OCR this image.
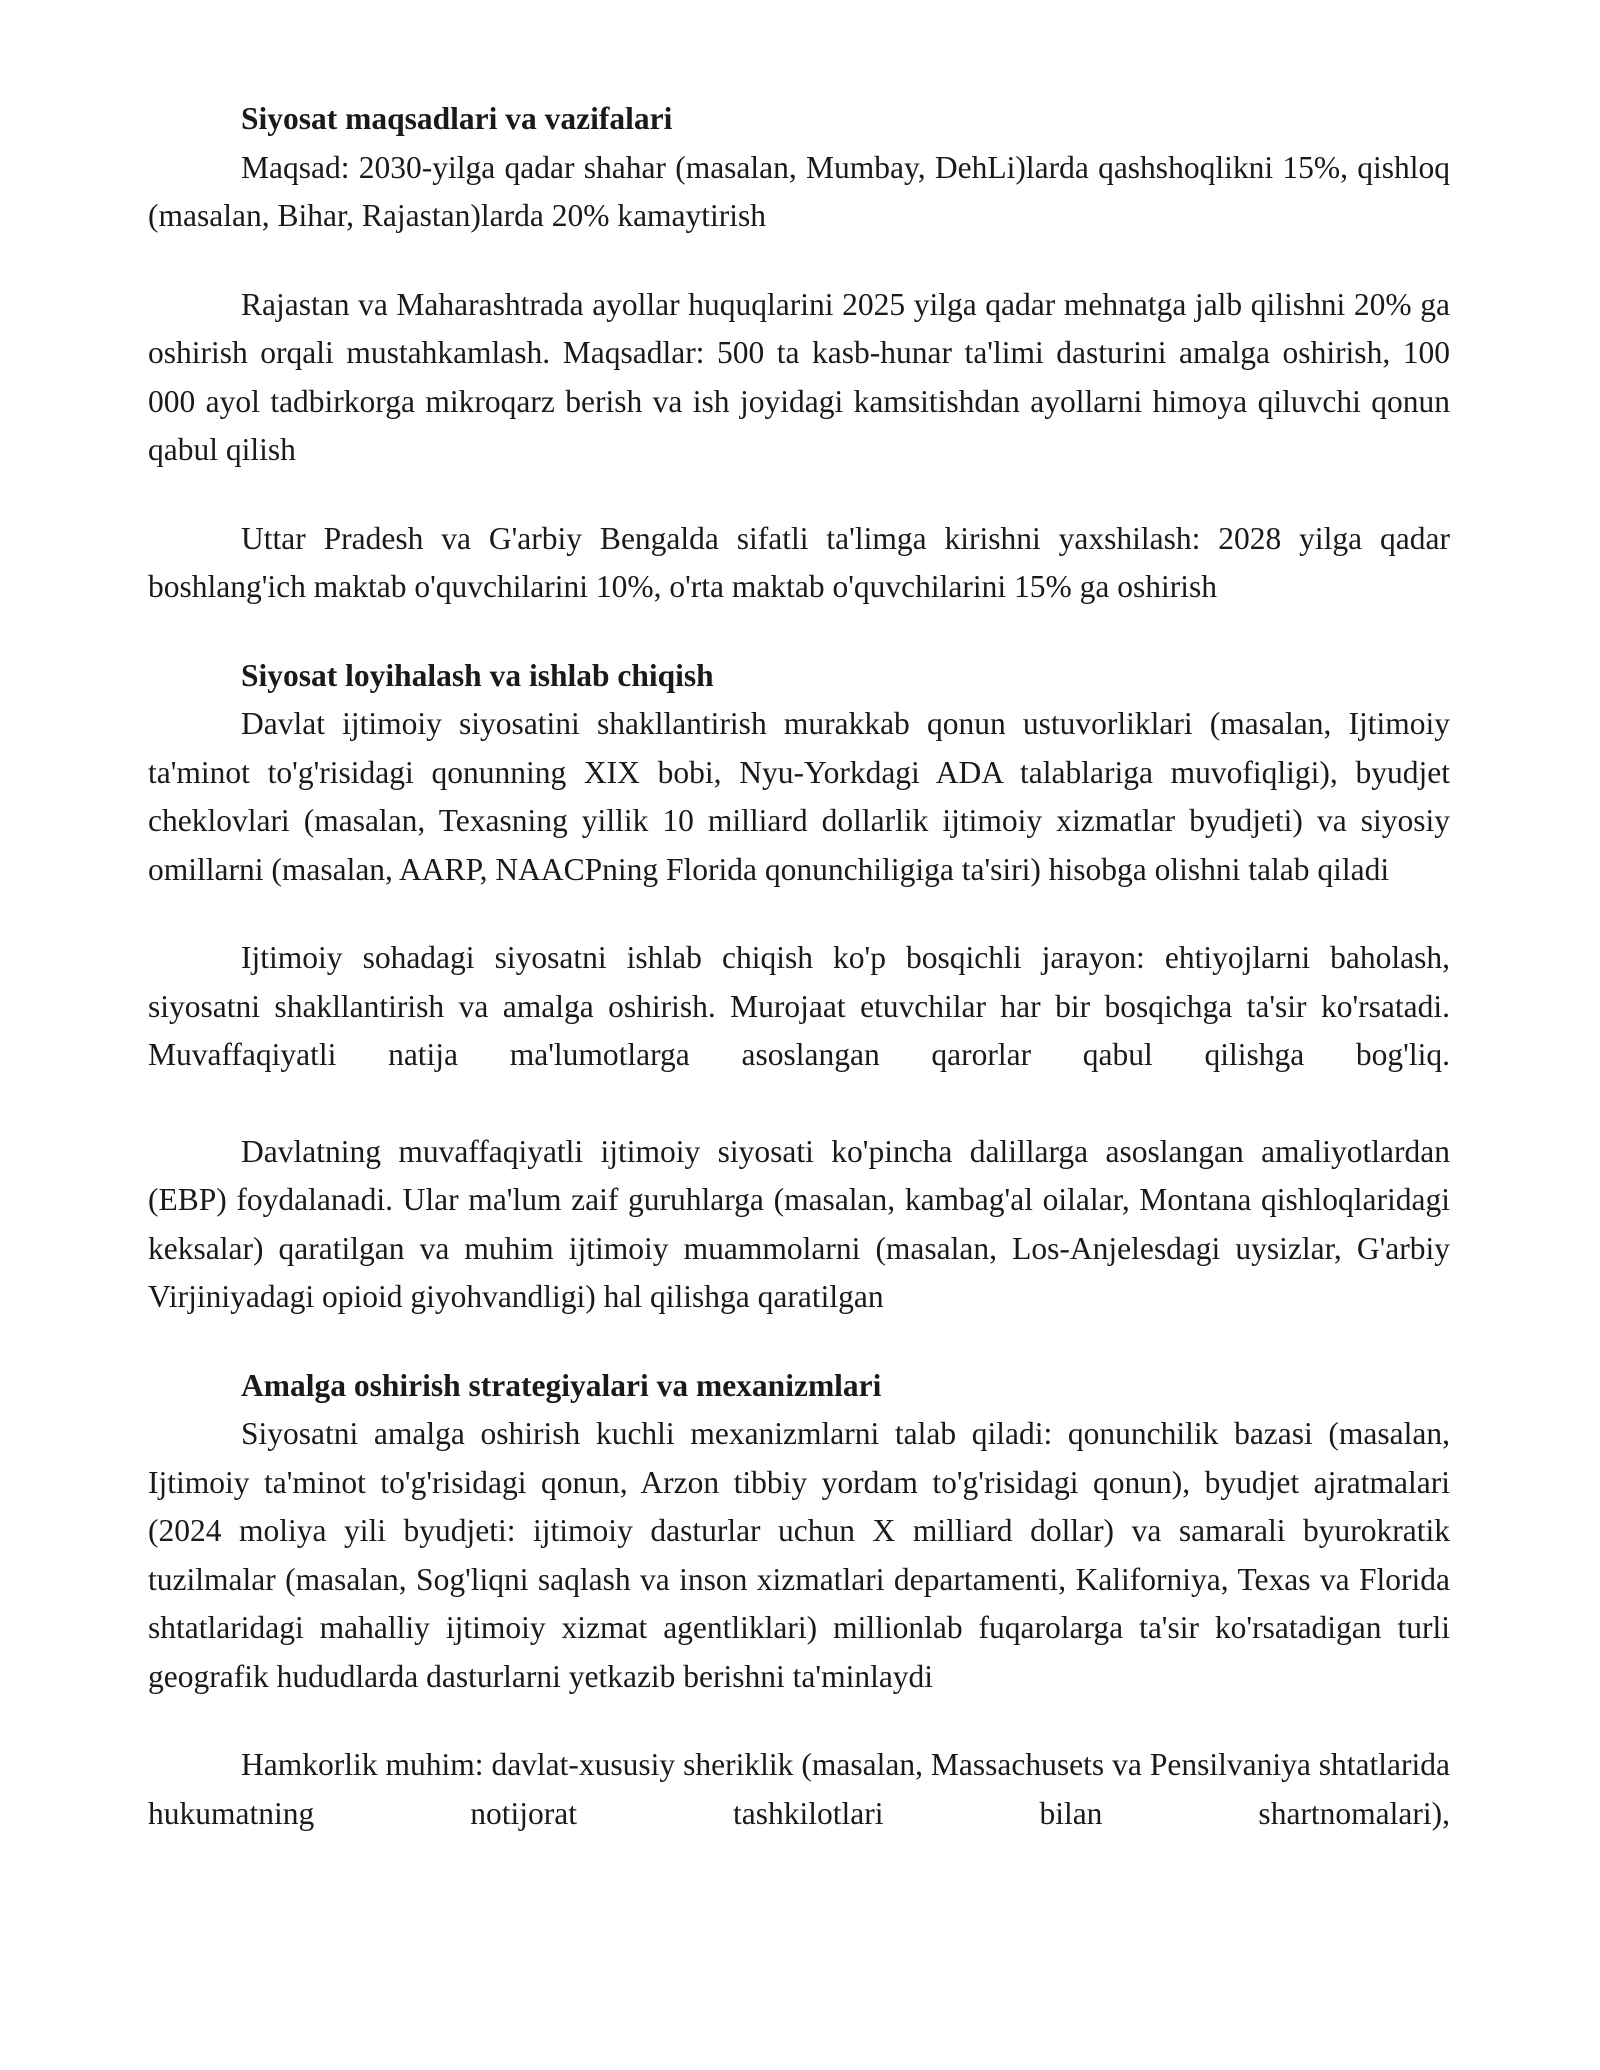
Siyosat maqsadlari va vazifalari

Maqsad: 2030-yilga qadar shahar (masalan, Mumbay, DehLi)larda qashshoqlikni 15%, qishloq (masalan, Bihar, Rajastan)larda 20% kamaytirish

Rajastan va Maharashtrada ayollar huquqlarini 2025 yilga qadar mehnatga jalb qilishni 20% ga oshirish orqali mustahkamlash. Maqsadlar: 500 ta kasb-hunar ta'limi dasturini amalga oshirish, 100 000 ayol tadbirkorga mikroqarz berish va ish joyidagi kamsitishdan ayollarni himoya qiluvchi qonun qabul qilish

Uttar Pradesh va G'arbiy Bengalda sifatli ta'limga kirishni yaxshilash: 2028 yilga qadar boshlang'ich maktab o'quvchilarini 10%, o'rta maktab o'quvchilarini 15% ga oshirish

Siyosat loyihalash va ishlab chiqish

Davlat ijtimoiy siyosatini shakllantirish murakkab qonun ustuvorliklari (masalan, Ijtimoiy ta'minot to'g'risidagi qonunning XIX bobi, Nyu-Yorkdagi ADA talablariga muvofiqligi), byudjet cheklovlari (masalan, Texasning yillik 10 milliard dollarlik ijtimoiy xizmatlar byudjeti) va siyosiy omillarni (masalan, AARP, NAACPning Florida qonunchiligiga ta'siri) hisobga olishni talab qiladi

Ijtimoiy sohadagi siyosatni ishlab chiqish ko'p bosqichli jarayon: ehtiyojlarni baholash, siyosatni shakllantirish va amalga oshirish. Murojaat etuvchilar har bir bosqichga ta'sir ko'rsatadi. Muvaffaqiyatli natija ma'lumotlarga asoslangan qarorlar qabul qilishga bog'liq.

Davlatning muvaffaqiyatli ijtimoiy siyosati ko'pincha dalillarga asoslangan amaliyotlardan (EBP) foydalanadi. Ular ma'lum zaif guruhlarga (masalan, kambag'al oilalar, Montana qishloqlaridagi keksalar) qaratilgan va muhim ijtimoiy muammolarni (masalan, Los-Anjelesdagi uysizlar, G'arbiy Virjiniyadagi opioid giyohvandligi) hal qilishga qaratilgan

Amalga oshirish strategiyalari va mexanizmlari

Siyosatni amalga oshirish kuchli mexanizmlarni talab qiladi: qonunchilik bazasi (masalan, Ijtimoiy ta'minot to'g'risidagi qonun, Arzon tibbiy yordam to'g'risidagi qonun), byudjet ajratmalari (2024 moliya yili byudjeti: ijtimoiy dasturlar uchun X milliard dollar) va samarali byurokratik tuzilmalar (masalan, Sog'liqni saqlash va inson xizmatlari departamenti, Kaliforniya, Texas va Florida shtatlaridagi mahalliy ijtimoiy xizmat agentliklari) millionlab fuqarolarga ta'sir ko'rsatadigan turli geografik hududlarda dasturlarni yetkazib berishni ta'minlaydi

Hamkorlik muhim: davlat-xususiy sheriklik (masalan, Massachusets va Pensilvaniya shtatlarida hukumatning notijorat tashkilotlari bilan shartnomalari),
